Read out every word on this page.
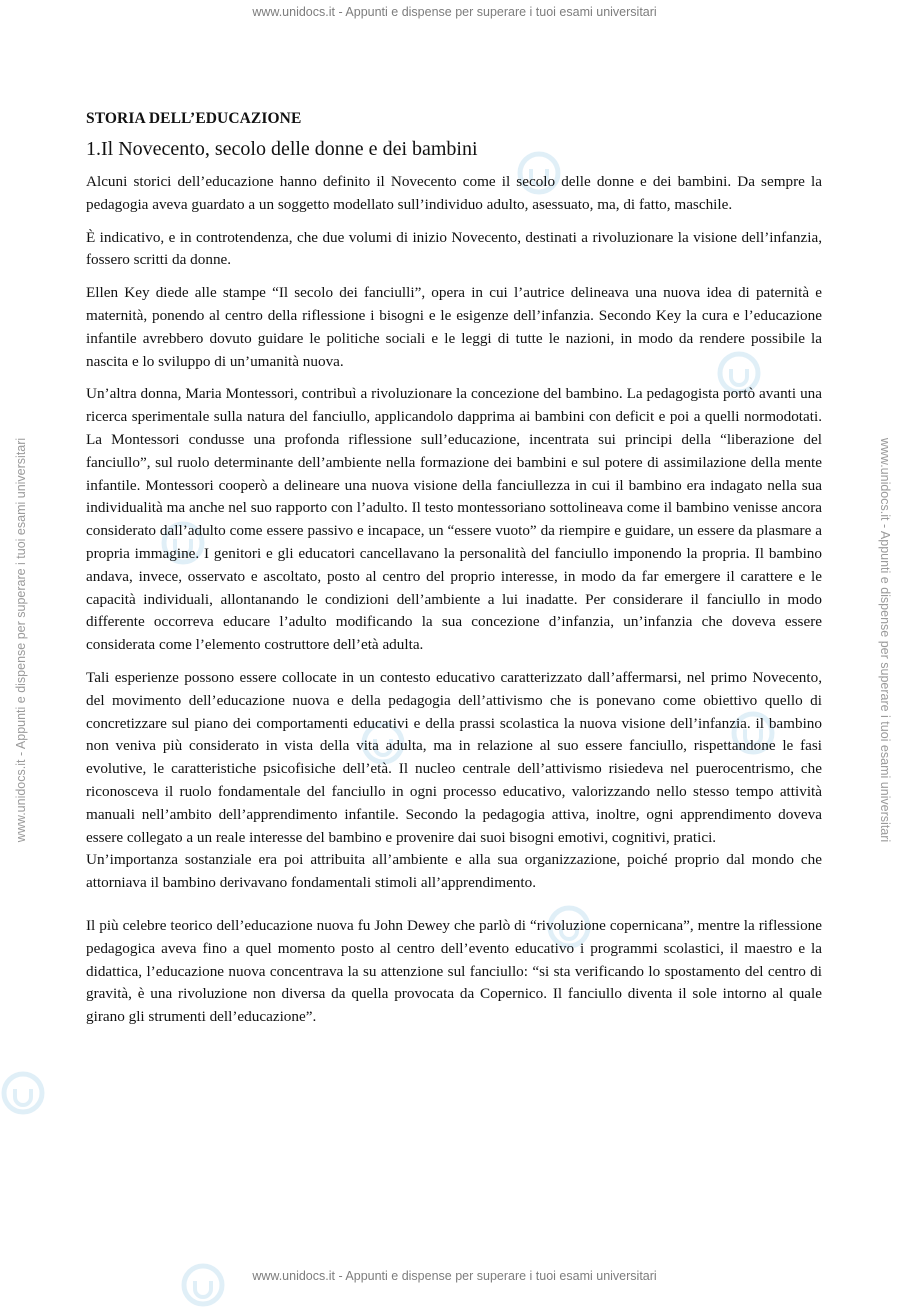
www.unidocs.it - Appunti e dispense per superare i tuoi esami universitari
www.unidocs.it - Appunti e dispense per superare i tuoi esami universitari
www.unidocs.it - Appunti e dispense per superare i tuoi esami universitari	www.unidocs.it - Appunti e dispense per superare i tuoi esami universitari
STORIA DELL’EDUCAZIONE
1.Il Novecento, secolo delle donne e dei bambini

Alcuni storici dell’educazione hanno definito il Novecento come il secolo delle donne e dei bambini. Da sempre la pedagogia aveva guardato a un soggetto modellato sull’individuo adulto, asessuato, ma, di fatto, maschile.

È indicativo, e in controtendenza, che due volumi di inizio Novecento, destinati a rivoluzionare la visione dell’infanzia, fossero scritti da donne.

Ellen Key diede alle stampe “Il secolo dei fanciulli”, opera in cui l’autrice delineava una nuova idea di paternità e maternità, ponendo al centro della riflessione i bisogni e le esigenze dell’infanzia. Secondo Key la cura e l’educazione infantile avrebbero dovuto guidare le politiche sociali e le leggi di tutte le nazioni, in modo da rendere possibile la nascita e lo sviluppo di un’umanità nuova.

Un’altra donna, Maria Montessori, contribuì a rivoluzionare la concezione del bambino. La pedagogista portò avanti una ricerca sperimentale sulla natura del fanciullo, applicandolo dapprima ai bambini con deficit e poi a quelli normodotati. La Montessori condusse una profonda riflessione sull’educazione, incentrata sui principi della “liberazione del fanciullo”, sul ruolo determinante dell’ambiente nella formazione dei bambini e sul potere di assimilazione della mente infantile. Montessori cooperò a delineare una nuova visione della fanciullezza in cui il bambino era indagato nella sua individualità ma anche nel suo rapporto con l’adulto. Il testo montessoriano sottolineava come il bambino venisse ancora considerato dall’adulto come essere passivo e incapace, un “essere vuoto” da riempire e guidare, un essere da plasmare a propria immagine. I genitori e gli educatori cancellavano la personalità del fanciullo imponendo la propria. Il bambino andava, invece, osservato e ascoltato, posto al centro del proprio interesse, in modo da far emergere il carattere e le capacità individuali, allontanando le condizioni dell’ambiente a lui inadatte. Per considerare il fanciullo in modo differente occorreva educare l’adulto modificando la sua concezione d’infanzia, un’infanzia che doveva essere considerata come l’elemento costruttore dell’età adulta.

Tali esperienze possono essere collocate in un contesto educativo caratterizzato dall’affermarsi, nel primo Novecento, del movimento dell’educazione nuova e della pedagogia dell’attivismo che is ponevano come obiettivo quello di concretizzare sul piano dei comportamenti educativi e della prassi scolastica la nuova visione dell’infanzia. il bambino non veniva più considerato in vista della vita adulta, ma in relazione al suo essere fanciullo, rispettandone le fasi evolutive, le caratteristiche psicofisiche dell’età. Il nucleo centrale dell’attivismo risiedeva nel puerocentrismo, che riconosceva il ruolo fondamentale del fanciullo in ogni processo educativo, valorizzando nello stesso tempo attività manuali nell’ambito dell’apprendimento infantile. Secondo la pedagogia attiva, inoltre, ogni apprendimento doveva essere collegato a un reale interesse del bambino e provenire dai suoi bisogni emotivi, cognitivi, pratici.
Un’importanza sostanziale era poi attribuita all’ambiente e alla sua organizzazione, poiché proprio dal mondo che attorniava il bambino derivavano fondamentali stimoli all’apprendimento.

Il più celebre teorico dell’educazione nuova fu John Dewey che parlò di “rivoluzione copernicana”, mentre la riflessione pedagogica aveva fino a quel momento posto al centro dell’evento educativo i programmi scolastici, il maestro e la didattica, l’educazione nuova concentrava la su attenzione sul fanciullo: “si sta verificando lo spostamento del centro di gravità, è una rivoluzione non diversa da quella provocata da Copernico. Il fanciullo diventa il sole intorno al quale girano gli strumenti dell’educazione”.
